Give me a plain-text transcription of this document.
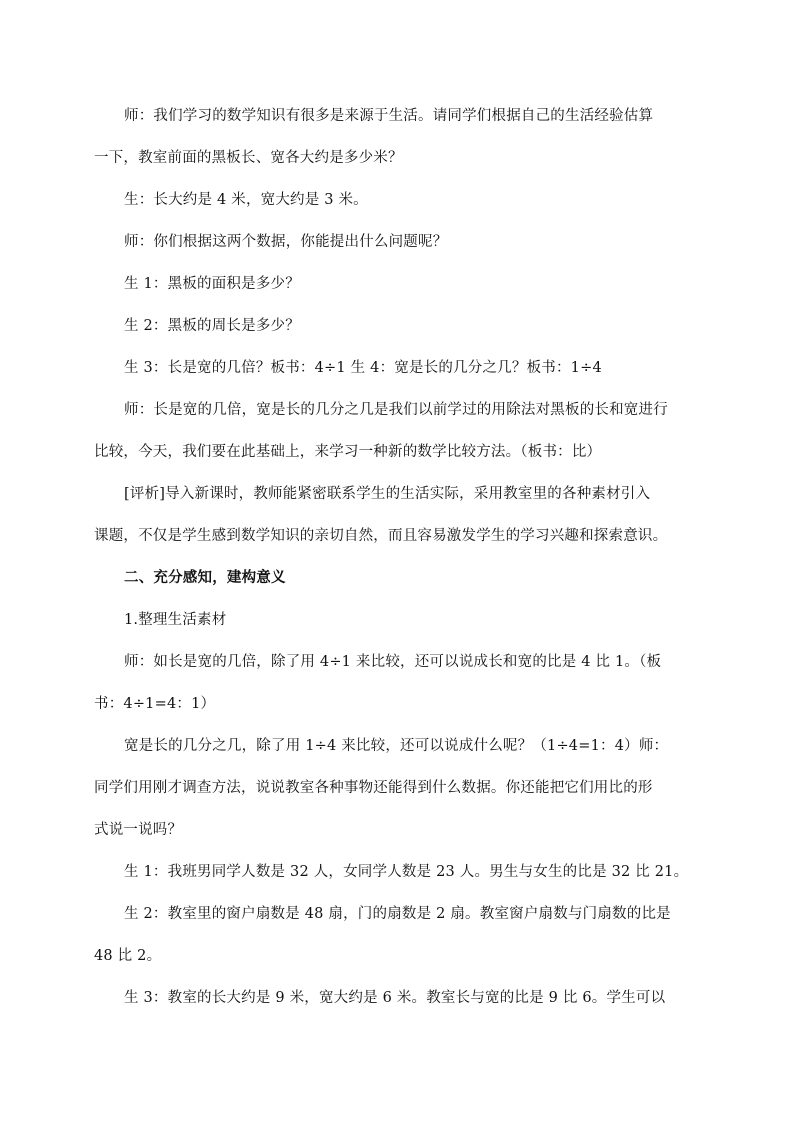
师：我们学习的数学知识有很多是来源于生活。请同学们根据自己的生活经验估算
一下，教室前面的黑板长、宽各大约是多少米？
生：长大约是 4 米，宽大约是 3 米。
师：你们根据这两个数据，你能提出什么问题呢？
生 1：黑板的面积是多少？
生 2：黑板的周长是多少？
生 3：长是宽的几倍？板书：4÷1 生 4：宽是长的几分之几？板书：1÷4
师：长是宽的几倍，宽是长的几分之几是我们以前学过的用除法对黑板的长和宽进行
比较，今天，我们要在此基础上，来学习一种新的数学比较方法。（板书：比）
[评析]导入新课时，教师能紧密联系学生的生活实际，采用教室里的各种素材引入
课题，不仅是学生感到数学知识的亲切自然，而且容易激发学生的学习兴趣和探索意识。
二、充分感知，建构意义
1.整理生活素材
师：如长是宽的几倍，除了用 4÷1 来比较，还可以说成长和宽的比是 4 比 1。（板
书：4÷1=4：1）
宽是长的几分之几，除了用 1÷4 来比较，还可以说成什么呢？（1÷4=1：4）师：
同学们用刚才调查方法，说说教室各种事物还能得到什么数据。你还能把它们用比的形
式说一说吗？
生 1：我班男同学人数是 32 人，女同学人数是 23 人。男生与女生的比是 32 比 21。
生 2：教室里的窗户扇数是 48 扇，门的扇数是 2 扇。教室窗户扇数与门扇数的比是
48 比 2。
生 3：教室的长大约是 9 米，宽大约是 6 米。教室长与宽的比是 9 比 6。学生可以
